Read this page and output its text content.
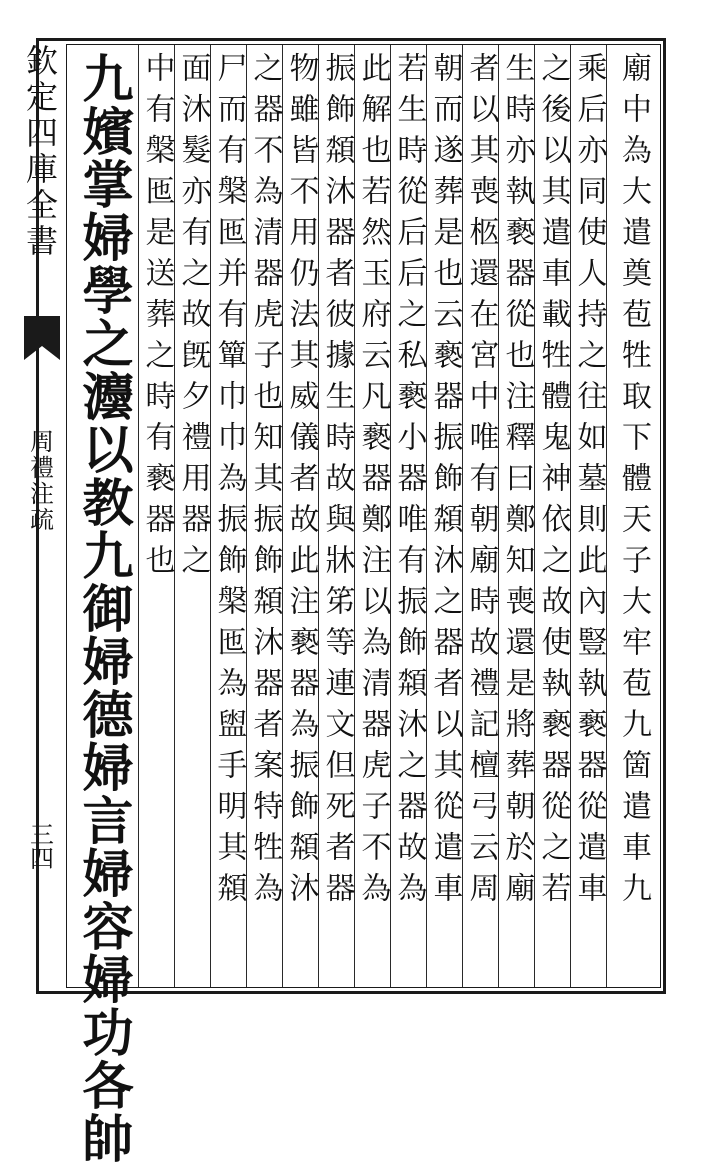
欽定四庫全書
周禮注疏
三四 九嬪掌婦學之灋以教九御婦德婦言婦容婦功各帥	廟中為大遣奠苞牲取下體天子大牢苞九箇遣車九
乘后亦同使人持之往如墓則此內豎執褻器從遣車
之後以其遣車載牲體鬼神依之故使執褻器從之若
生時亦執褻器從也注釋曰鄭知喪還是將葬朝於廟
者以其喪柩還在宮中唯有朝廟時故禮記檀弓云周
朝而遂葬是也云褻器振飾頮沐之器者以其從遣車
若生時從后后之私褻小器唯有振飾頮沐之器故為
此解也若然玉府云凡褻器鄭注以為清器虎子不為
振飾頮沐器者彼據生時故與牀笫等連文但死者器
物雖皆不用仍法其威儀者故此注褻器為振飾頮沐
之器不為清器虎子也知其振飾頮沐器者案特牲為
尸而有槃匜并有簞巾巾為振飾槃匜為盥手明其頮
面沐髮亦有之故旣夕禮用器之
中有槃匜是送葬之時有褻器也
